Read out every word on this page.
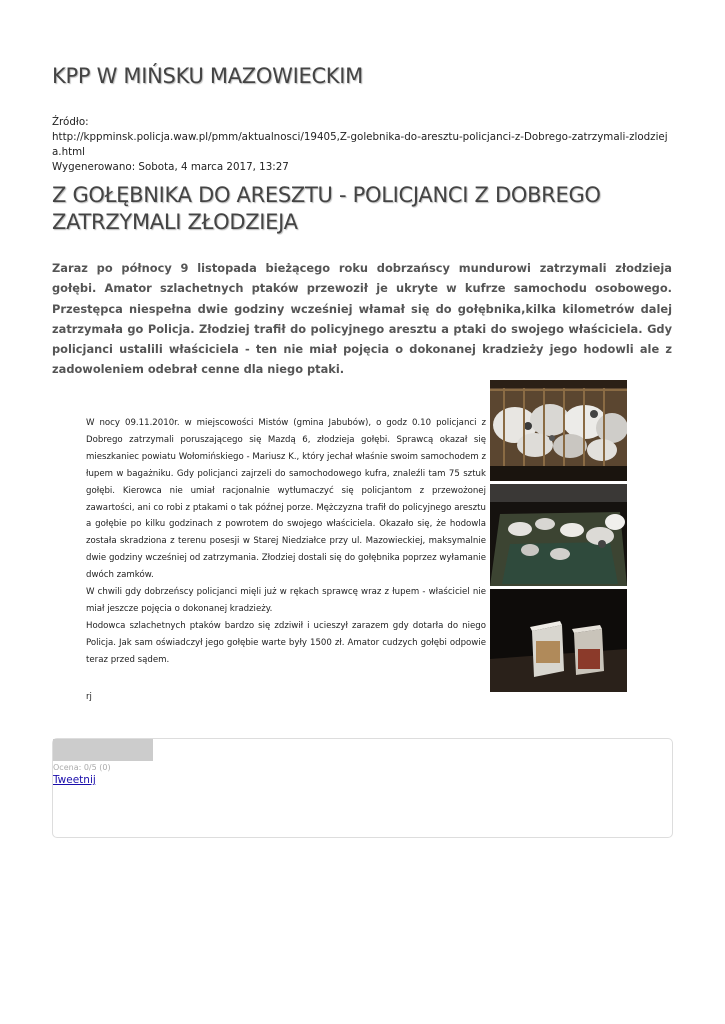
KPP W MIŃSKU MAZOWIECKIM
Źródło:
http://kppminsk.policja.waw.pl/pmm/aktualnosci/19405,Z-golebnika-do-aresztu-policjanci-z-Dobrego-zatrzymali-zlodzieja.html
Wygenerowano: Sobota, 4 marca 2017, 13:27
Z GOŁĘBNIKA DO ARESZTU - POLICJANCI Z DOBREGO ZATRZYMALI ZŁODZIEJA

Zaraz po północy 9 listopada bieżącego roku dobrzańscy mundurowi zatrzymali złodzieja gołębi. Amator szlachetnych ptaków przewoził je ukryte w kufrze samochodu osobowego. Przestępca niespełna dwie godziny wcześniej włamał się do gołębnika,kilka kilometrów dalej zatrzymała go Policja. Złodziej trafił do policyjnego aresztu a ptaki do swojego właściciela. Gdy policjanci ustalili właściciela - ten nie miał pojęcia o dokonanej kradzieży jego hodowli ale z zadowoleniem odebrał cenne dla niego ptaki.

W nocy 09.11.2010r. w miejscowości Mistów (gmina Jabubów), o godz 0.10 policjanci z Dobrego zatrzymali poruszającego się Mazdą 6, złodzieja gołębi. Sprawcą okazał się mieszkaniec powiatu Wołomińskiego - Mariusz K., który jechał właśnie swoim samochodem z łupem w bagażniku. Gdy policjanci zajrzeli do samochodowego kufra, znaleźli tam 75 sztuk gołębi. Kierowca nie umiał racjonalnie wytłumaczyć się policjantom z przewożonej zawartości, ani co robi z ptakami o tak późnej porze. Mężczyzna trafił do policyjnego aresztu a gołębie po kilku godzinach z powrotem do swojego właściciela. Okazało się, że hodowla została skradziona z terenu posesji w Starej Niedziałce przy ul. Mazowieckiej, maksymalnie dwie godziny wcześniej od zatrzymania. Złodziej dostali się do gołębnika poprzez wyłamanie dwóch zamków.

W chwili gdy dobrzeńscy policjanci mięli już w rękach sprawcę wraz z łupem - właściciel nie miał jeszcze pojęcia o dokonanej kradzieży.

Hodowca szlachetnych ptaków bardzo się zdziwił i ucieszył zarazem gdy dotarła do niego Policja. Jak sam oświadczył jego gołębie warte były 1500 zł. Amator cudzych gołębi odpowie teraz przed sądem.

rj
Ocena: 0/5 (0)
Tweetnij
